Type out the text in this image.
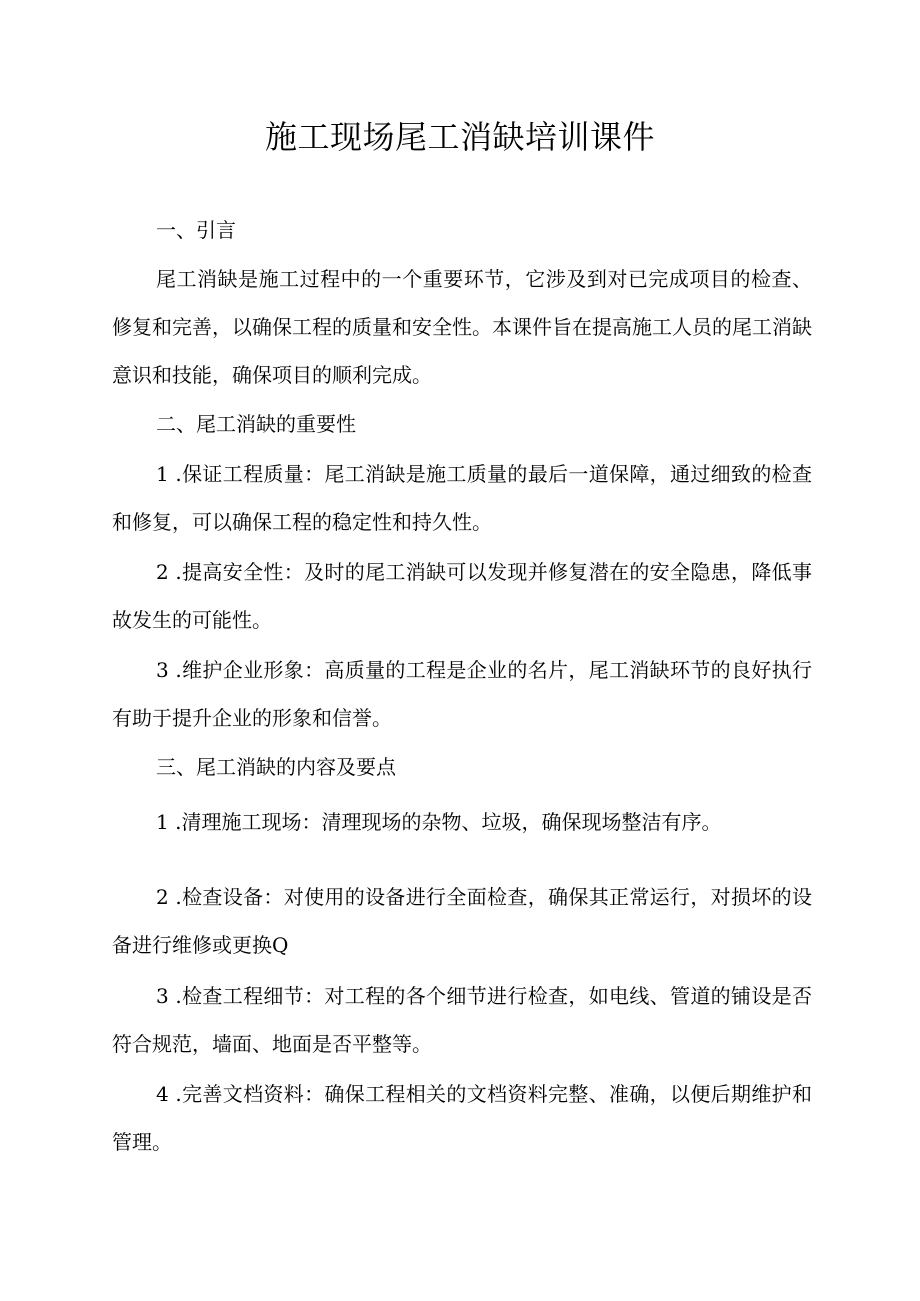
施工现场尾工消缺培训课件
一、引言

尾工消缺是施工过程中的一个重要环节，它涉及到对已完成项目的检查、修复和完善，以确保工程的质量和安全性。本课件旨在提高施工人员的尾工消缺意识和技能，确保项目的顺利完成。

二、尾工消缺的重要性

1 .保证工程质量：尾工消缺是施工质量的最后一道保障，通过细致的检查和修复，可以确保工程的稳定性和持久性。

2 .提高安全性：及时的尾工消缺可以发现并修复潜在的安全隐患，降低事故发生的可能性。

3 .维护企业形象：高质量的工程是企业的名片，尾工消缺环节的良好执行有助于提升企业的形象和信誉。

三、尾工消缺的内容及要点

1 .清理施工现场：清理现场的杂物、垃圾，确保现场整洁有序。

2 .检查设备：对使用的设备进行全面检查，确保其正常运行，对损坏的设备进行维修或更换Q

3 .检查工程细节：对工程的各个细节进行检查，如电线、管道的铺设是否符合规范，墙面、地面是否平整等。

4 .完善文档资料：确保工程相关的文档资料完整、准确，以便后期维护和管理。
